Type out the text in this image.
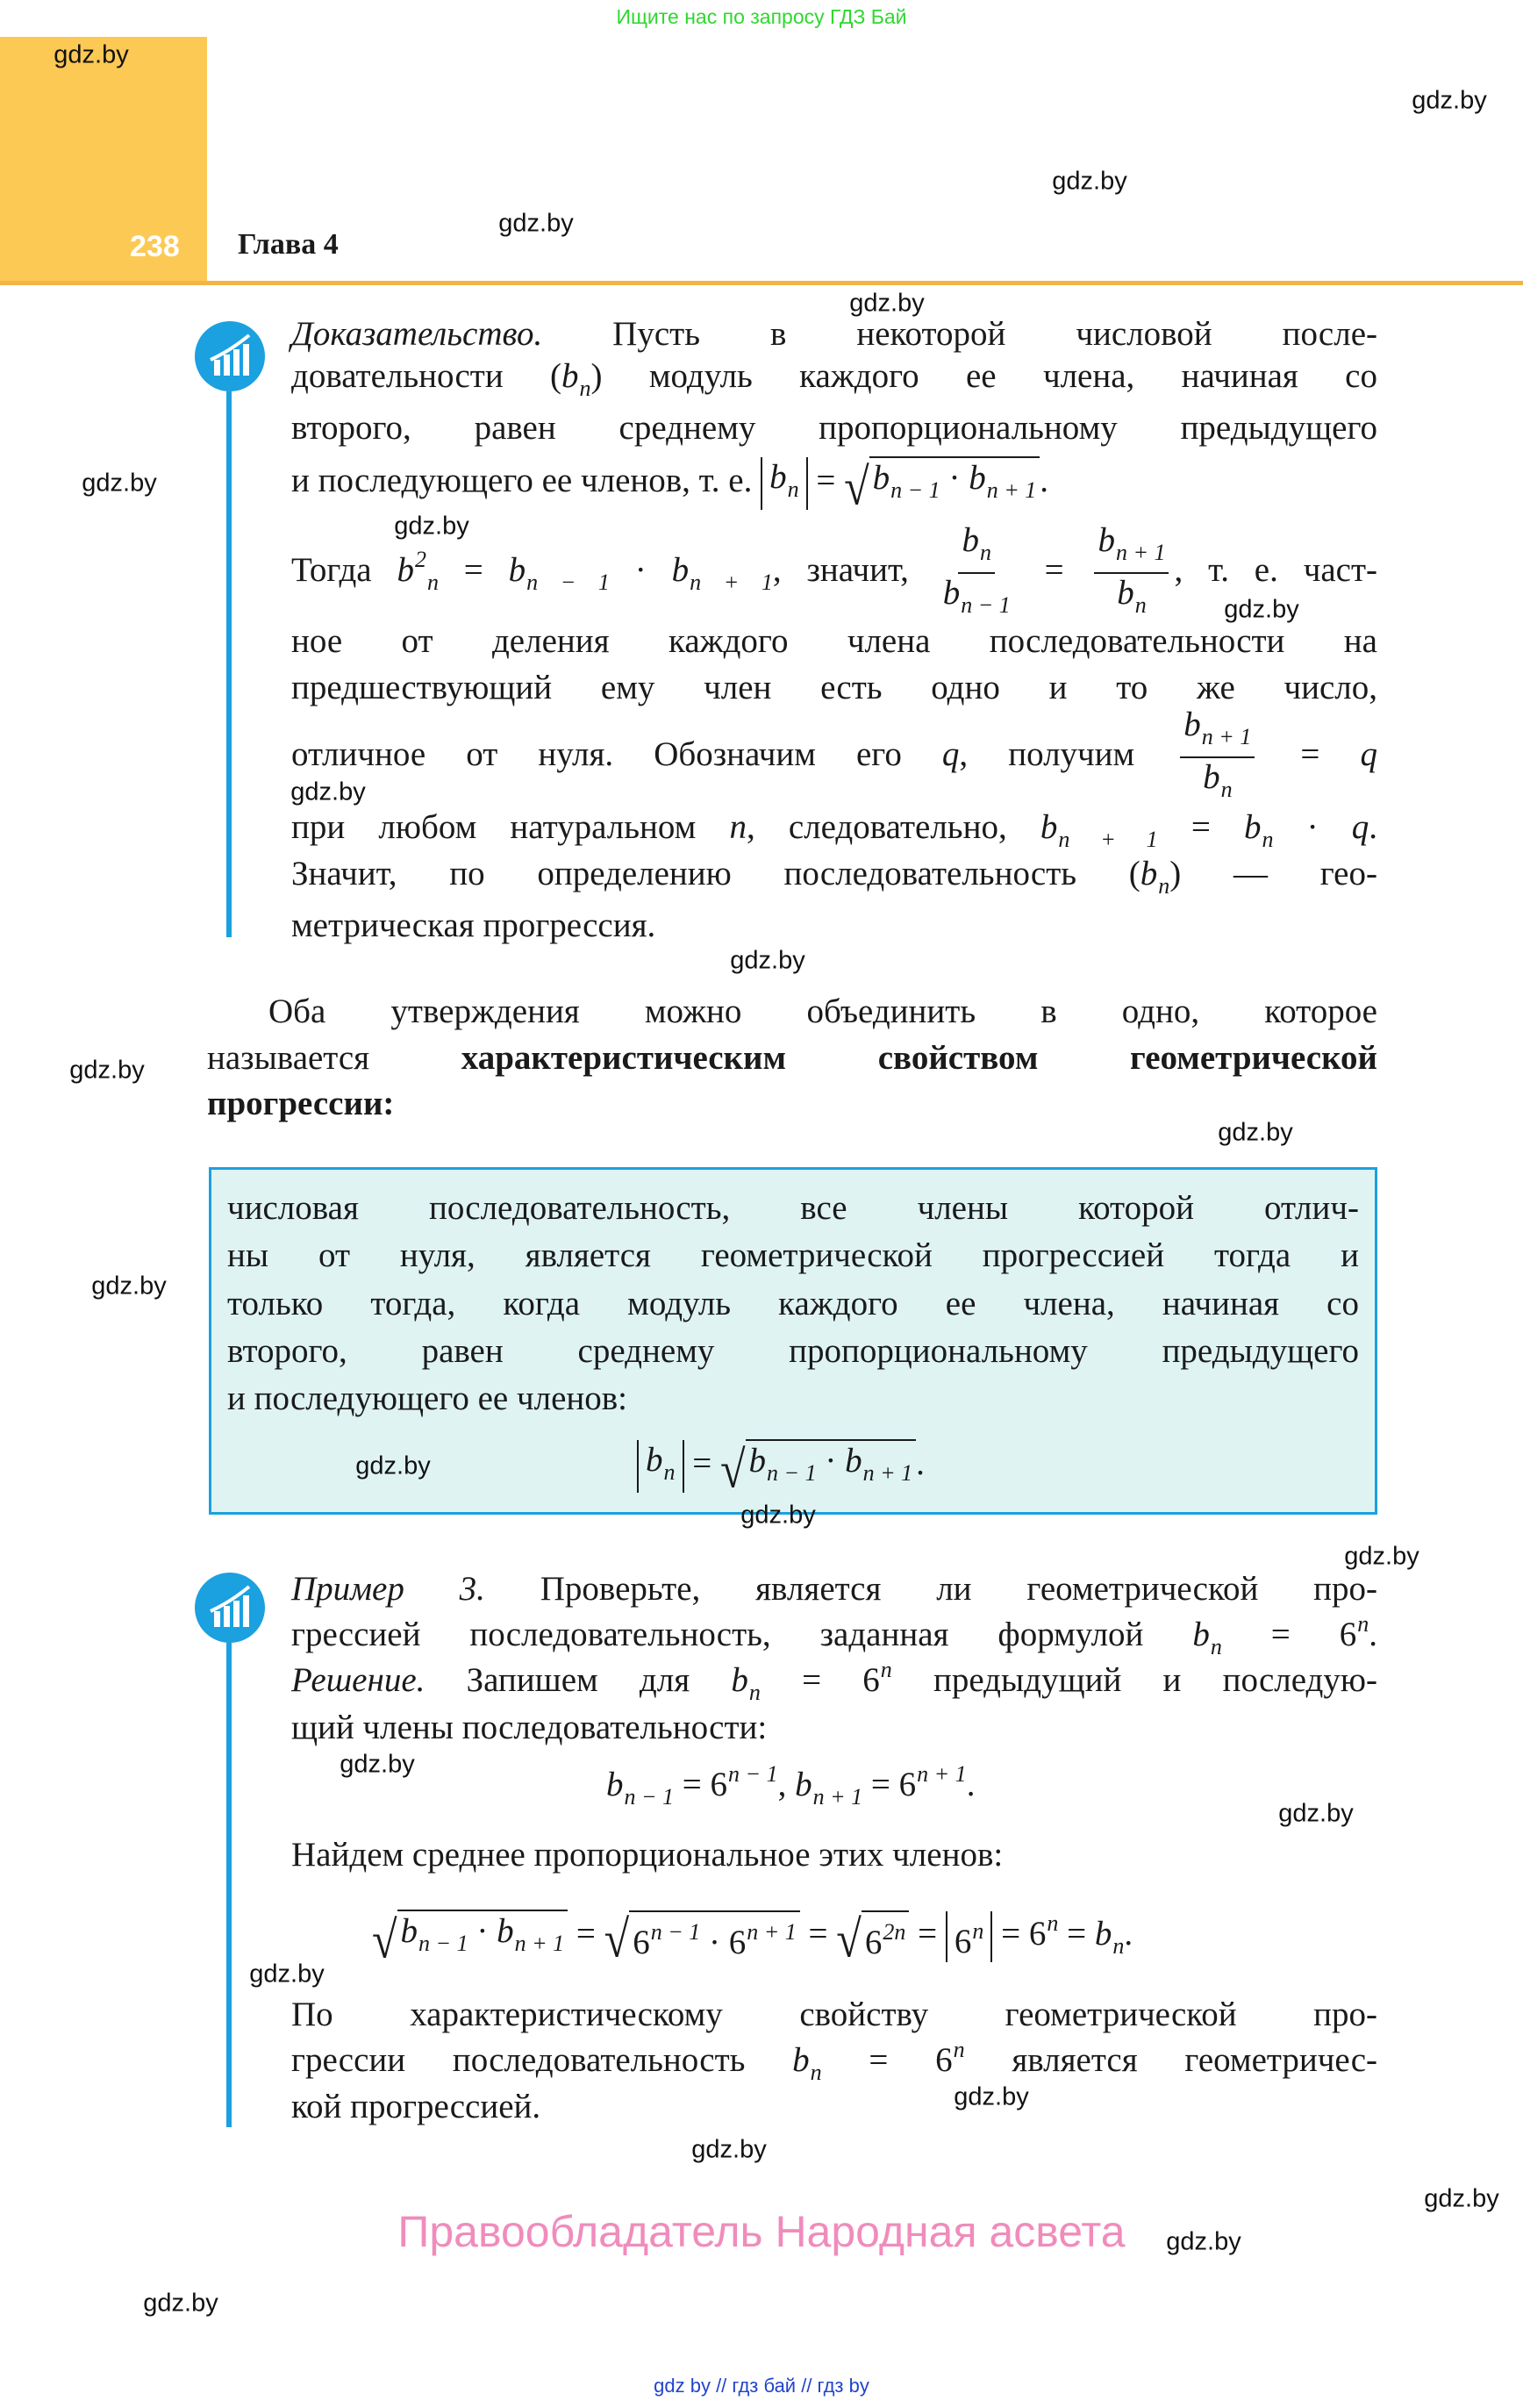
Ищите нас по запросу ГДЗ Бай
238 Глава 4
Доказательство. Пусть в некоторой числовой после-
довательности $(b_n)$ модуль каждого ее члена, начиная со
второго, равен среднему пропорциональному предыдущего
и последующего ее членов, т. е. $b_n$ = √ $b_{n - 1} \cdot b_{n + 1}$ .
Тогда $b^2_n = b_{n - 1} \cdot b_{n + 1}$, значит, $\frac{b_n}{b_{n - 1}} = \frac{b_{n + 1}}{b_n}$ , т. е. част-
ное от деления каждого члена последовательности на
предшествующий ему член есть одно и то же число,
отличное от нуля. Обозначим его q, получим $\frac{b_{n + 1}}{b_n} = q$
при любом натуральном n, следовательно, $b_{n + 1} = b_n \cdot q$.
Значит, по определению последовательность $(b_n)$ — гео-
метрическая прогрессия.
Оба утверждения можно объединить в одно, которое
называется характеристическим свойством геометрической
прогрессии:
числовая последовательность, все члены которой отлич-
ны от нуля, является геометрической прогрессией тогда и
только тогда, когда модуль каждого ее члена, начиная со
второго, равен среднему пропорциональному предыдущего
и последующего ее членов:
$b_n$ = √ $b_{n - 1} \cdot b_{n + 1}$ .
Пример 3. Проверьте, является ли геометрической про-
грессией последовательность, заданная формулой $b_n = 6^n$.
Решение. Запишем для $b_n = 6^n$ предыдущий и последую-
щий члены последовательности:
$b_{n - 1} = 6^{n - 1}$, $b_{n + 1} = 6^{n + 1}$.
Найдем среднее пропорциональное этих членов:
√ $b_{n - 1} \cdot b_{n + 1}$ = √ $6^{n - 1} \cdot 6^{n + 1}$ = √ $6^{2n} = 6^n = 6^n = b_n$.
По характеристическому свойству геометрической про-
грессии последовательность $b_n = 6^n$ является геометричес-
кой прогрессией.
gdz.by
gdz.by
gdz.by
gdz.by
gdz.by
gdz.by
gdz.by
gdz.by
gdz.by
gdz.by
gdz.by
gdz.by
gdz.by
gdz.by
gdz.by
gdz.by
gdz.by
gdz.by
gdz.by
gdz.by
gdz.by
gdz.by
gdz.by
gdz.by
Правообладатель Народная асвета
gdz by // гдз бай // гдз by
